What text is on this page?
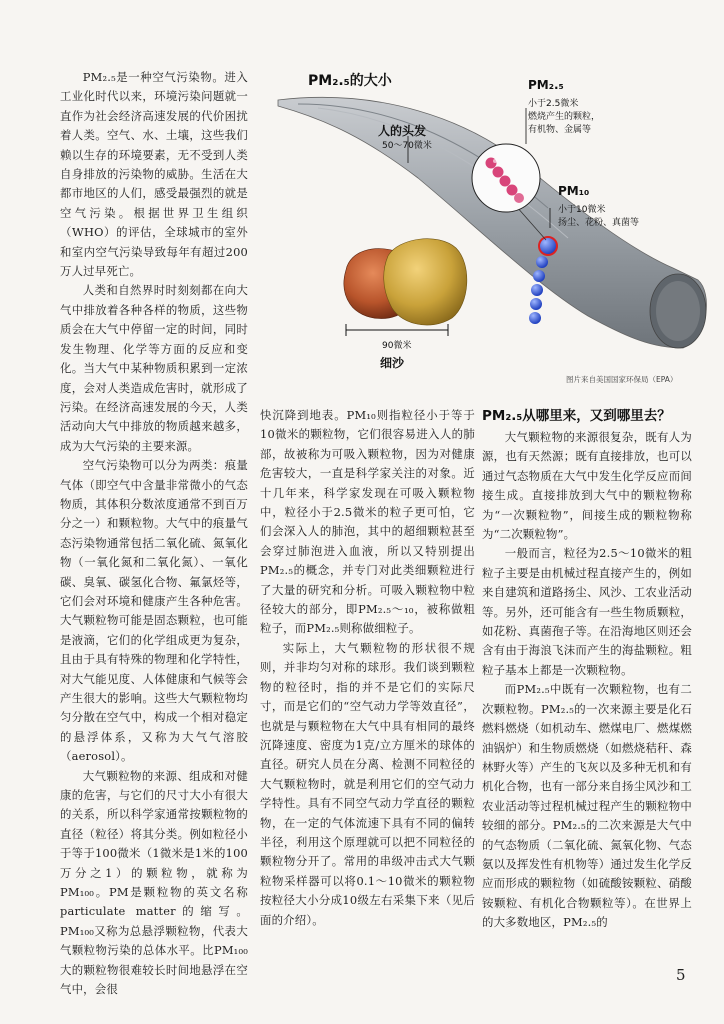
PM₂.₅的大小
人的头发
50～70微米
PM₂.₅
小于2.5微米
燃烧产生的颗粒，
有机物、金属等
PM₁₀
小于10微米
扬尘、花粉、真菌等
90微米
细沙
图片来自美国国家环保局（EPA）

PM₂.₅是一种空气污染物。进入工业化时代以来，环境污染问题就一直作为社会经济高速发展的代价困扰着人类。空气、水、土壤，这些我们赖以生存的环境要素，无不受到人类自身排放的污染物的威胁。生活在大都市地区的人们，感受最强烈的就是空气污染。根据世界卫生组织（WHO）的评估，全球城市的室外和室内空气污染导致每年有超过200万人过早死亡。

人类和自然界时时刻刻都在向大气中排放着各种各样的物质，这些物质会在大气中停留一定的时间，同时发生物理、化学等方面的反应和变化。当大气中某种物质积累到一定浓度，会对人类造成危害时，就形成了污染。在经济高速发展的今天，人类活动向大气中排放的物质越来越多，成为大气污染的主要来源。

空气污染物可以分为两类：痕量气体（即空气中含量非常微小的气态物质，其体积分数浓度通常不到百万分之一）和颗粒物。大气中的痕量气态污染物通常包括二氧化硫、氮氧化物（一氧化氮和二氧化氮）、一氧化碳、臭氧、碳氢化合物、氟氯烃等，它们会对环境和健康产生各种危害。大气颗粒物可能是固态颗粒，也可能是液滴，它们的化学组成更为复杂，且由于具有特殊的物理和化学特性，对大气能见度、人体健康和气候等会产生很大的影响。这些大气颗粒物均匀分散在空气中，构成一个相对稳定的悬浮体系，又称为大气气溶胶（aerosol）。

大气颗粒物的来源、组成和对健康的危害，与它们的尺寸大小有很大的关系，所以科学家通常按颗粒物的直径（粒径）将其分类。例如粒径小于等于100微米（1微米是1米的100万分之1）的颗粒物，就称为PM₁₀₀。PM是颗粒物的英文名称particulate matter的缩写。PM₁₀₀又称为总悬浮颗粒物，代表大气颗粒物污染的总体水平。比PM₁₀₀大的颗粒物很难较长时间地悬浮在空气中，会很

快沉降到地表。PM₁₀则指粒径小于等于10微米的颗粒物，它们很容易进入人的肺部，故被称为可吸入颗粒物，因为对健康危害较大，一直是科学家关注的对象。近十几年来，科学家发现在可吸入颗粒物中，粒径小于2.5微米的粒子更可怕，它们会深入人的肺泡，其中的超细颗粒甚至会穿过肺泡进入血液，所以又特别提出PM₂.₅的概念，并专门对此类细颗粒进行了大量的研究和分析。可吸入颗粒物中粒径较大的部分，即PM₂.₅～₁₀，被称做粗粒子，而PM₂.₅则称做细粒子。

实际上，大气颗粒物的形状很不规则，并非均匀对称的球形。我们谈到颗粒物的粒径时，指的并不是它们的实际尺寸，而是它们的“空气动力学等效直径”，也就是与颗粒物在大气中具有相同的最终沉降速度、密度为1克/立方厘米的球体的直径。研究人员在分离、检测不同粒径的大气颗粒物时，就是利用它们的空气动力学特性。具有不同空气动力学直径的颗粒物，在一定的气体流速下具有不同的偏转半径，利用这个原理就可以把不同粒径的颗粒物分开了。常用的串级冲击式大气颗粒物采样器可以将0.1～10微米的颗粒物按粒径大小分成10级左右采集下来（见后面的介绍）。

PM₂.₅从哪里来，又到哪里去？

大气颗粒物的来源很复杂，既有人为源，也有天然源；既有直接排放，也可以通过气态物质在大气中发生化学反应而间接生成。直接排放到大气中的颗粒物称为“一次颗粒物”，间接生成的颗粒物称为“二次颗粒物”。

一般而言，粒径为2.5～10微米的粗粒子主要是由机械过程直接产生的，例如来自建筑和道路扬尘、风沙、工农业活动等。另外，还可能含有一些生物质颗粒，如花粉、真菌孢子等。在沿海地区则还会含有由于海浪飞沫而产生的海盐颗粒。粗粒子基本上都是一次颗粒物。

而PM₂.₅中既有一次颗粒物，也有二次颗粒物。PM₂.₅的一次来源主要是化石燃料燃烧（如机动车、燃煤电厂、燃煤燃油锅炉）和生物质燃烧（如燃烧秸秆、森林野火等）产生的飞灰以及多种无机和有机化合物，也有一部分来自扬尘风沙和工农业活动等过程机械过程产生的颗粒物中较细的部分。PM₂.₅的二次来源是大气中的气态物质（二氧化硫、氮氧化物、气态氨以及挥发性有机物等）通过发生化学反应而形成的颗粒物（如硫酸铵颗粒、硝酸铵颗粒、有机化合物颗粒等）。在世界上的大多数地区，PM₂.₅的

5
